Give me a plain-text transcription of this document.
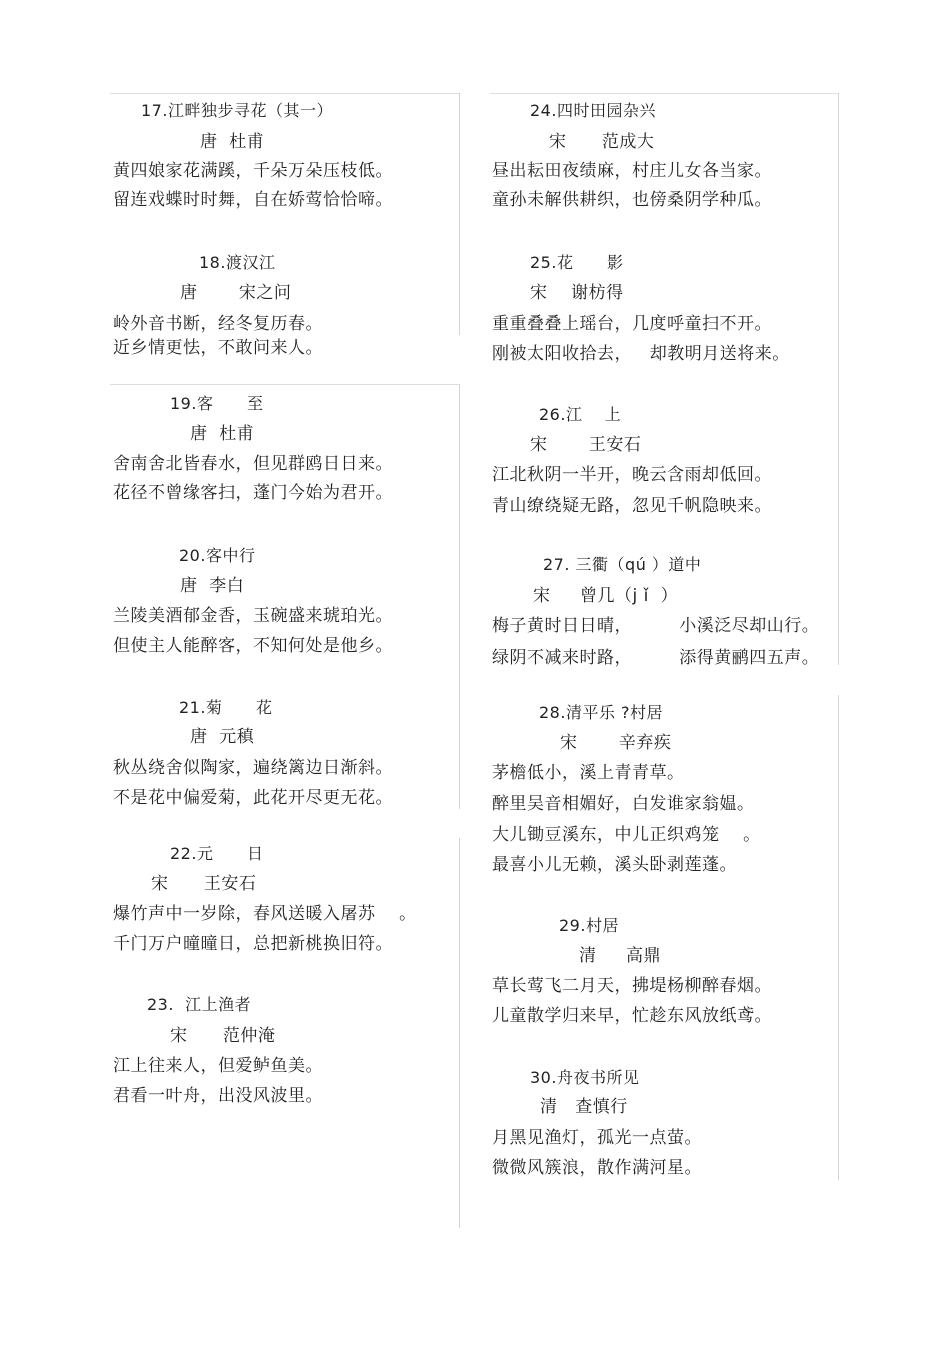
17.江畔独步寻花（其一）
唐  杜甫
黄四娘家花满蹊，千朵万朵压枝低。
留连戏蝶时时舞，自在娇莺恰恰啼。
18.渡汉江
唐       宋之问
岭外音书断，经冬复历春。
近乡情更怯，不敢问来人。
19.客      至
唐  杜甫
舍南舍北皆春水，但见群鸥日日来。
花径不曾缘客扫，蓬门今始为君开。
20.客中行
唐  李白
兰陵美酒郁金香，玉碗盛来琥珀光。
但使主人能醉客，不知何处是他乡。
21.菊      花
唐  元稹
秋丛绕舍似陶家，遍绕篱边日渐斜。
不是花中偏爱菊，此花开尽更无花。
22.元      日
宋      王安石
爆竹声中一岁除，春风送暖入屠苏    。
千门万户曈曈日，总把新桃换旧符。
23.  江上渔者
宋      范仲淹
江上往来人，但爱鲈鱼美。
君看一叶舟，出没风波里。
24.四时田园杂兴
宋      范成大
昼出耘田夜绩麻，村庄儿女各当家。
童孙未解供耕织，也傍桑阴学种瓜。
25.花      影
宋    谢枋得
重重叠叠上瑶台，几度呼童扫不开。
刚被太阳收拾去，   却教明月送将来。
26.江    上
宋       王安石
江北秋阴一半开，晚云含雨却低回。
青山缭绕疑无路，忽见千帆隐映来。
27. 三衢（qú ）道中
宋     曾几（j ǐ  ）
梅子黄时日日晴，        小溪泛尽却山行。
绿阴不减来时路，        添得黄鹂四五声。
28.清平乐 ?村居
宋       辛弃疾
茅檐低小，溪上青青草。
醉里吴音相媚好，白发谁家翁媪。
大儿锄豆溪东，中儿正织鸡笼    。
最喜小儿无赖，溪头卧剥莲蓬。
29.村居
清     高鼎
草长莺飞二月天，拂堤杨柳醉春烟。
儿童散学归来早，忙趁东风放纸鸢。
30.舟夜书所见
清   查慎行
月黑见渔灯，孤光一点萤。
微微风簇浪，散作满河星。
